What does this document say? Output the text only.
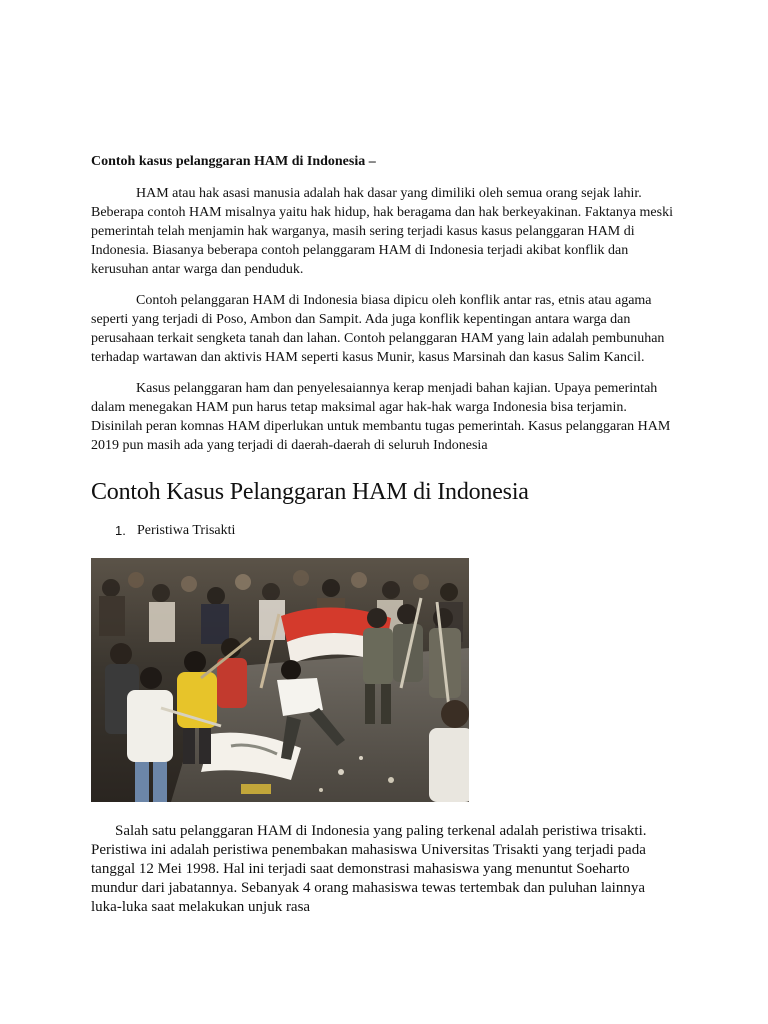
Contoh kasus pelanggaran HAM di Indonesia –

HAM atau hak asasi manusia adalah hak dasar yang dimiliki oleh semua orang sejak lahir. Beberapa contoh HAM misalnya yaitu hak hidup, hak beragama dan hak berkeyakinan. Faktanya meski pemerintah telah menjamin hak warganya, masih sering terjadi kasus kasus pelanggaran HAM di Indonesia. Biasanya beberapa contoh pelanggaram HAM di Indonesia terjadi akibat konflik dan kerusuhan antar warga dan penduduk.

Contoh pelanggaran HAM di Indonesia biasa dipicu oleh konflik antar ras, etnis atau agama seperti yang terjadi di Poso, Ambon dan Sampit. Ada juga konflik kepentingan antara warga dan perusahaan terkait sengketa tanah dan lahan. Contoh pelanggaran HAM yang lain adalah pembunuhan terhadap wartawan dan aktivis HAM seperti kasus Munir, kasus Marsinah dan kasus Salim Kancil.

Kasus pelanggaran ham dan penyelesaiannya kerap menjadi bahan kajian. Upaya pemerintah dalam menegakan HAM pun harus tetap maksimal agar hak-hak warga Indonesia bisa terjamin. Disinilah peran komnas HAM diperlukan untuk membantu tugas pemerintah. Kasus pelanggaran HAM 2019 pun masih ada yang terjadi di daerah-daerah di seluruh Indonesia

Contoh Kasus Pelanggaran HAM di Indonesia
1. Peristiwa Trisakti

Salah satu pelanggaran HAM di Indonesia yang paling terkenal adalah peristiwa trisakti. Peristiwa ini adalah peristiwa penembakan mahasiswa Universitas Trisakti yang terjadi pada tanggal 12 Mei 1998. Hal ini terjadi saat demonstrasi mahasiswa yang menuntut Soeharto mundur dari jabatannya. Sebanyak 4 orang mahasiswa tewas tertembak dan puluhan lainnya luka-luka saat melakukan unjuk rasa
